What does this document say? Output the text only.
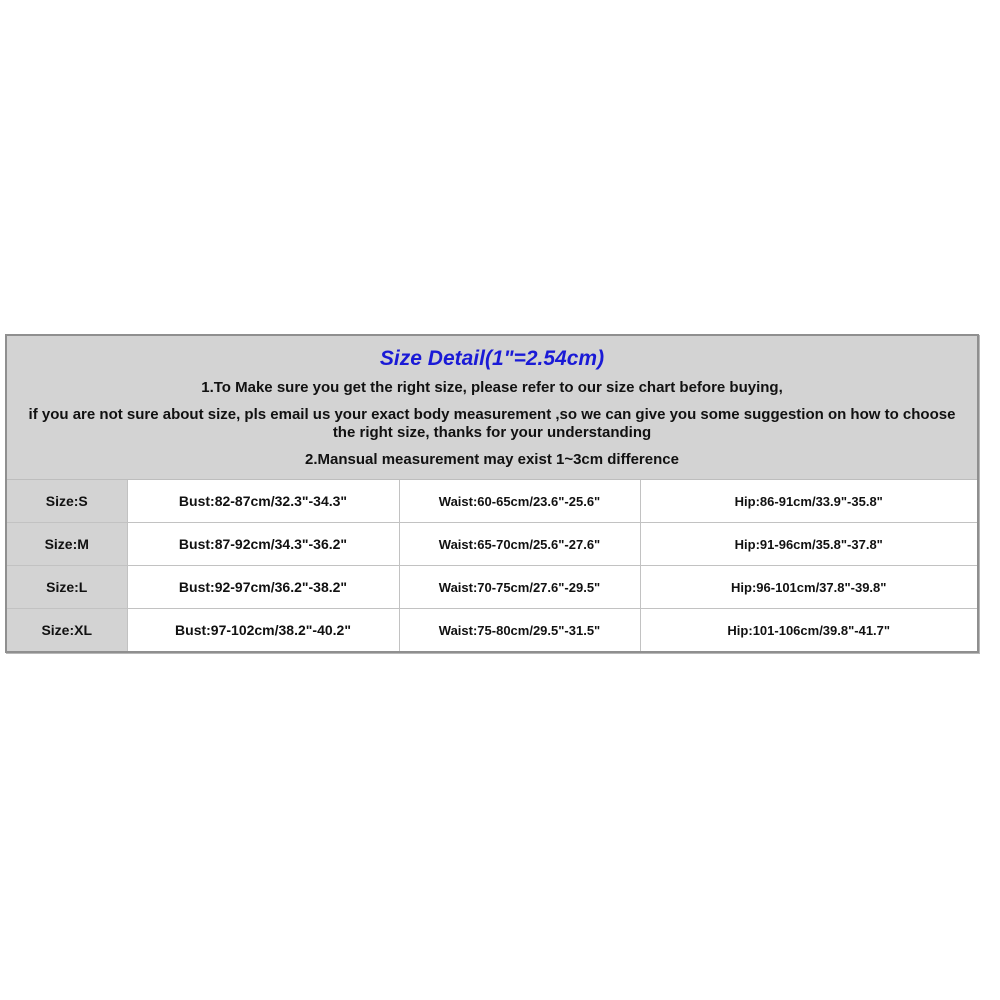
Size Detail(1"=2.54cm)
1.To Make sure you get the right size, please refer to our size chart before buying,
if you are not sure about size, pls email us your exact body measurement ,so we can give you some suggestion on how to choose the right size, thanks for your understanding
2.Mansual measurement may exist 1~3cm difference
Size:S	Bust:82-87cm/32.3"-34.3"	Waist:60-65cm/23.6"-25.6"	Hip:86-91cm/33.9"-35.8"
Size:M	Bust:87-92cm/34.3"-36.2"	Waist:65-70cm/25.6"-27.6"	Hip:91-96cm/35.8"-37.8"
Size:L	Bust:92-97cm/36.2"-38.2"	Waist:70-75cm/27.6"-29.5"	Hip:96-101cm/37.8"-39.8"
Size:XL	Bust:97-102cm/38.2"-40.2"	Waist:75-80cm/29.5"-31.5"	Hip:101-106cm/39.8"-41.7"
